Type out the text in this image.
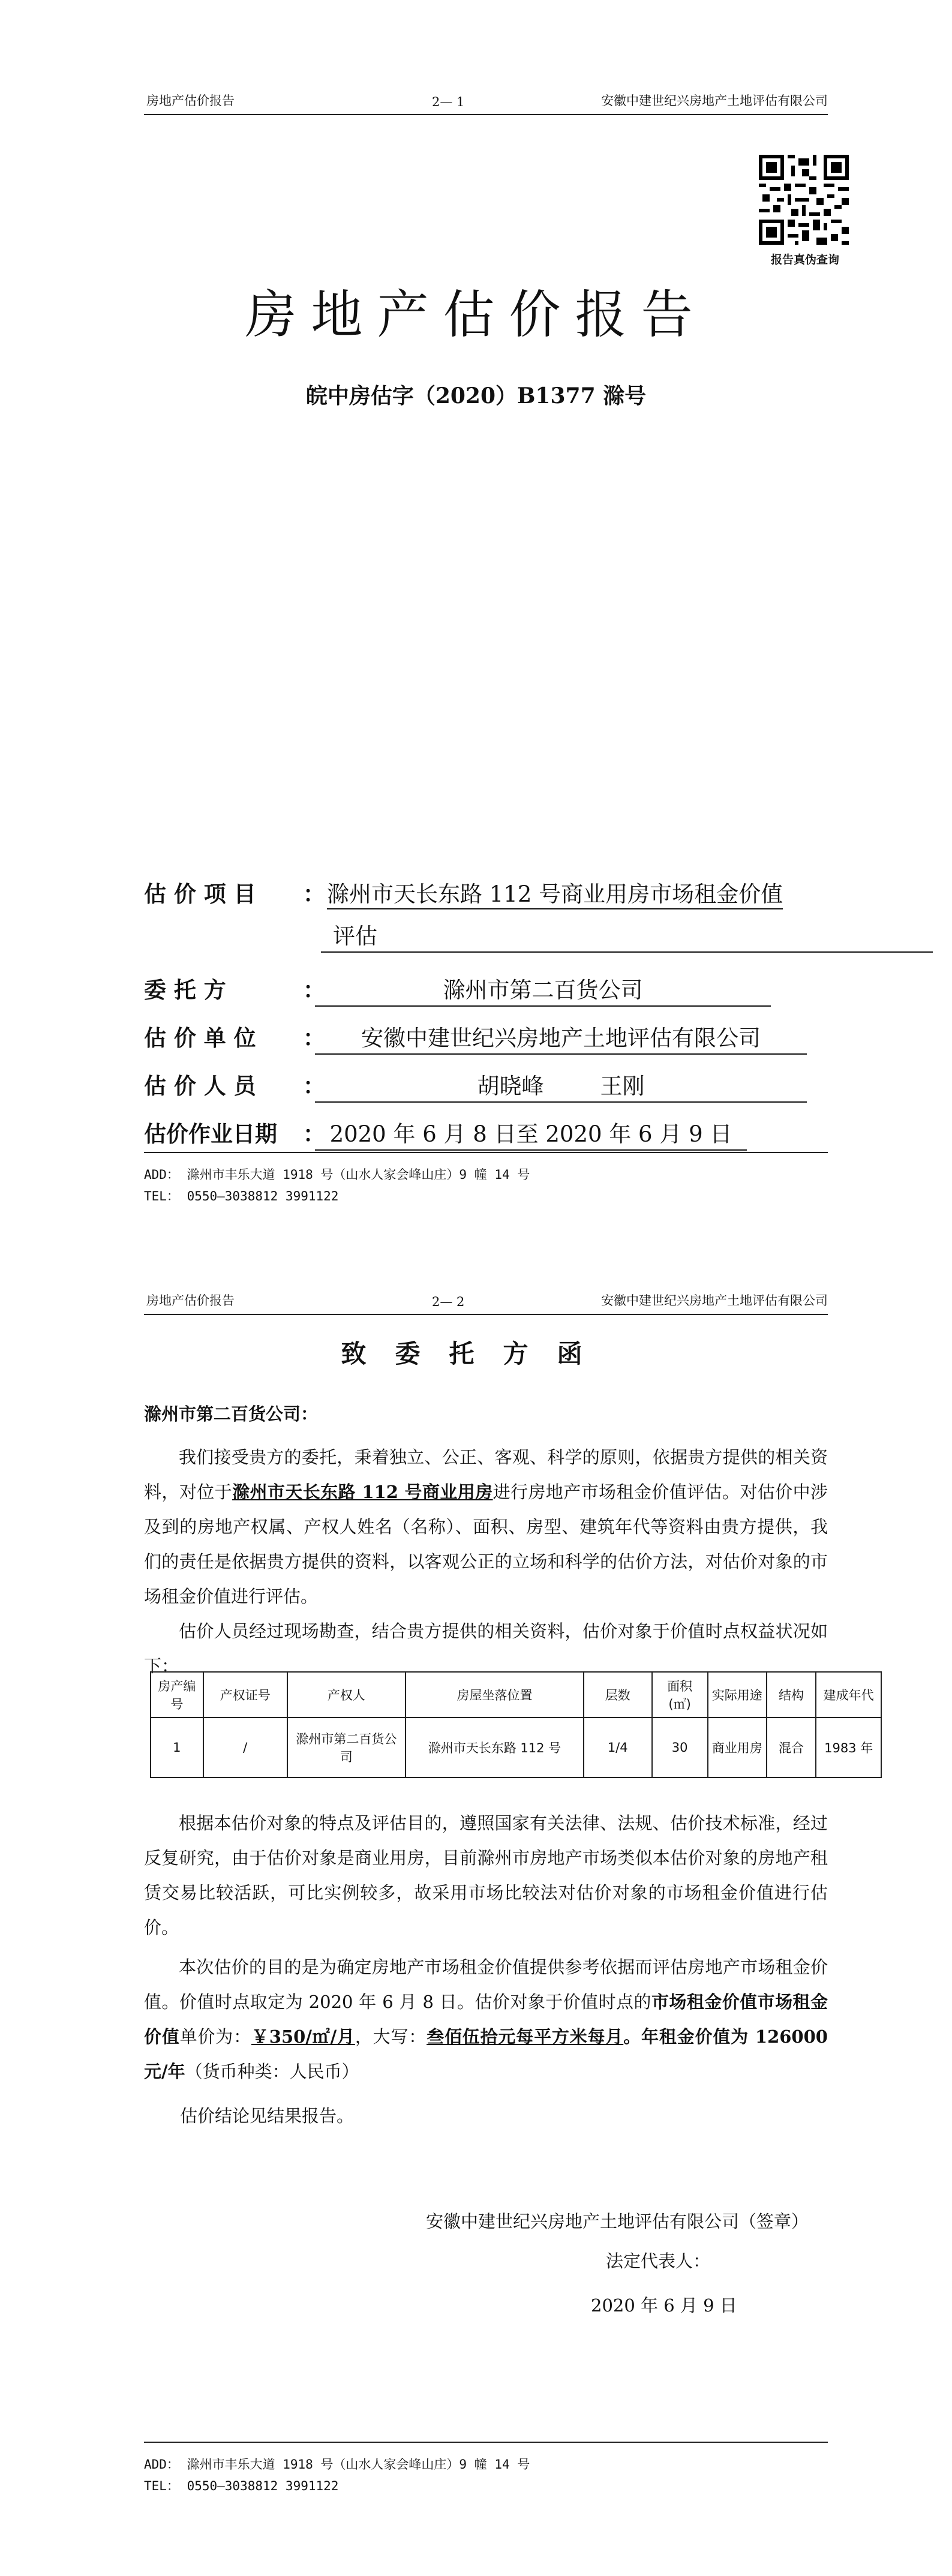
房地产估价报告	2— 1	安徽中建世纪兴房地产土地评估有限公司
报告真伪查询
房地产估价报告
皖中房估字（2020）B1377 滁号
估 价 项 目 ： 滁州市天长东路 112 号商业用房市场租金价值
评估
委 托 方	：	滁州市第二百货公司
估 价 单 位 ：	安徽中建世纪兴房地产土地评估有限公司
估 价 人 员 ：	胡晓峰        王刚
估价作业日期 ： 2020 年 6 月 8 日至 2020 年 6 月 9 日
ADD： 滁州市丰乐大道 1918 号（山水人家会峰山庄）9 幢 14 号
TEL： 0550—3038812 3991122
房地产估价报告	2— 2	安徽中建世纪兴房地产土地评估有限公司
致委托方函
滁州市第二百货公司：

我们接受贵方的委托，秉着独立、公正、客观、科学的原则，依据贵方提供的相关资料，对位于滁州市天长东路 112 号商业用房进行房地产市场租金价值评估。对估价中涉及到的房地产权属、产权人姓名（名称）、面积、房型、建筑年代等资料由贵方提供，我们的责任是依据贵方提供的资料，以客观公正的立场和科学的估价方法，对估价对象的市场租金价值进行评估。

估价人员经过现场勘查，结合贵方提供的相关资料，估价对象于价值时点权益状况如下：

房产编号	产权证号	产权人	房屋坐落位置	层数	面积(㎡)	实际用途	结构	建成年代
1	/	滁州市第二百货公司	滁州市天长东路 112 号	1/4	30	商业用房	混合	1983 年

根据本估价对象的特点及评估目的，遵照国家有关法律、法规、估价技术标准，经过反复研究，由于估价对象是商业用房，目前滁州市房地产市场类似本估价对象的房地产租赁交易比较活跃，可比实例较多，故采用市场比较法对估价对象的市场租金价值进行估价。

本次估价的目的是为确定房地产市场租金价值提供参考依据而评估房地产市场租金价值。价值时点取定为 2020 年 6 月 8 日。估价对象于价值时点的市场租金价值市场租金价值单价为：￥350/㎡/月，大写：叁佰伍拾元每平方米每月。年租金价值为 126000 元/年（货币种类：人民币）

估价结论见结果报告。
安徽中建世纪兴房地产土地评估有限公司（签章）
法定代表人：
2020 年 6 月 9 日
ADD： 滁州市丰乐大道 1918 号（山水人家会峰山庄）9 幢 14 号
TEL： 0550—3038812 3991122
